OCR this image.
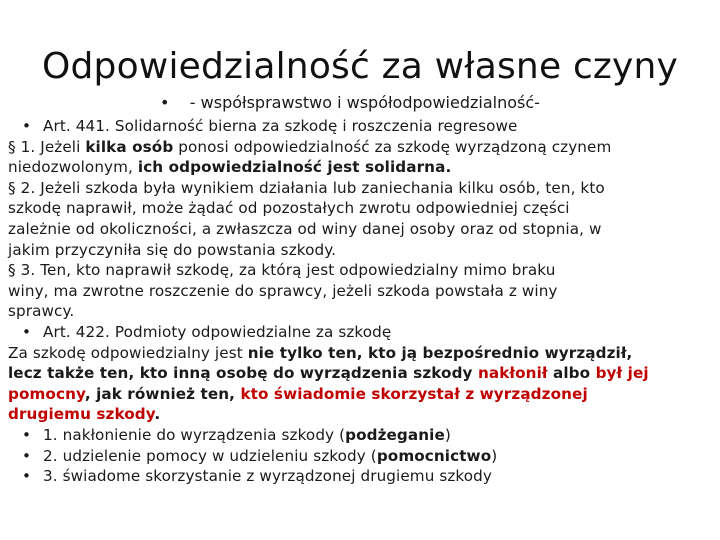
Odpowiedzialność za własne czyny
• - współsprawstwo i współodpowiedzialność-
• Art. 441. Solidarność bierna za szkodę i roszczenia regresowe
§ 1. Jeżeli kilka osób ponosi odpowiedzialność za szkodę wyrządzoną czynem
niedozwolonym, ich odpowiedzialność jest solidarna.
§ 2. Jeżeli szkoda była wynikiem działania lub zaniechania kilku osób, ten, kto
szkodę naprawił, może żądać od pozostałych zwrotu odpowiedniej części
zależnie od okoliczności, a zwłaszcza od winy danej osoby oraz od stopnia, w
jakim przyczyniła się do powstania szkody.
§ 3. Ten, kto naprawił szkodę, za którą jest odpowiedzialny mimo braku
winy, ma zwrotne roszczenie do sprawcy, jeżeli szkoda powstała z winy
sprawcy.
• Art. 422. Podmioty odpowiedzialne za szkodę
Za szkodę odpowiedzialny jest nie tylko ten, kto ją bezpośrednio wyrządził,
lecz także ten, kto inną osobę do wyrządzenia szkody nakłonił albo był jej
pomocny, jak również ten, kto świadomie skorzystał z wyrządzonej
drugiemu szkody.
• 1. nakłonienie do wyrządzenia szkody (podżeganie)
• 2. udzielenie pomocy w udzieleniu szkody (pomocnictwo)
• 3. świadome skorzystanie z wyrządzonej drugiemu szkody
